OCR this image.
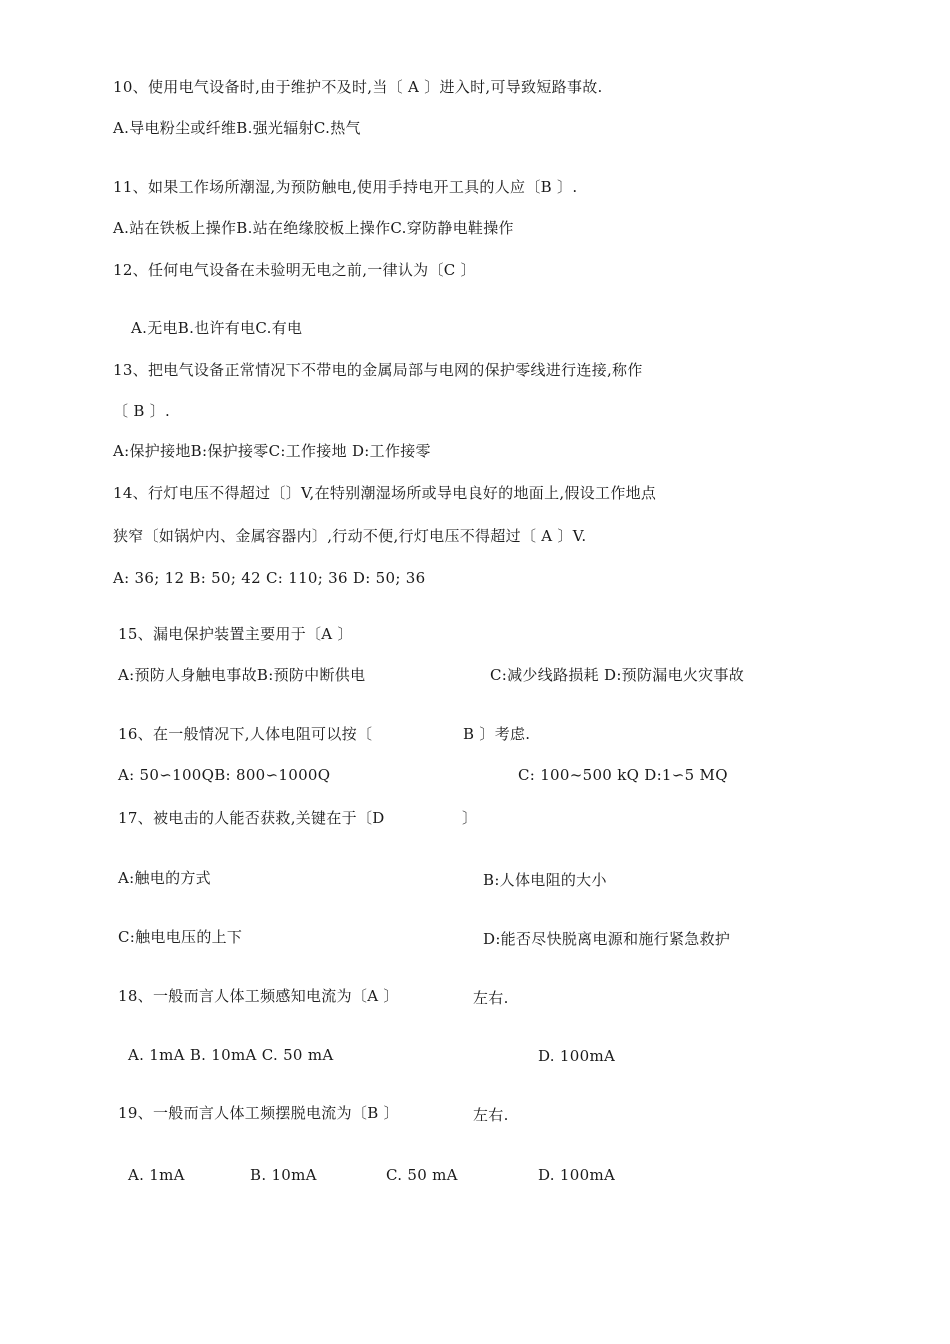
10、使用电气设备时,由于维护不及时,当〔 A 〕进入时,可导致短路事故.
A.导电粉尘或纤维B.强光辐射C.热气
11、如果工作场所潮湿,为预防触电,使用手持电开工具的人应〔B 〕.
A.站在铁板上操作B.站在绝缘胶板上操作C.穿防静电鞋操作
12、任何电气设备在未验明无电之前,一律认为〔C 〕
A.无电B.也许有电C.有电
13、把电气设备正常情况下不带电的金属局部与电网的保护零线进行连接,称作
〔 B 〕.
A:保护接地B:保护接零C:工作接地 D:工作接零
14、行灯电压不得超过〔〕V,在特别潮湿场所或导电良好的地面上,假设工作地点
狭窄〔如锅炉内、金属容器内〕,行动不便,行灯电压不得超过〔 A 〕V.
A: 36; 12 B: 50; 42 C: 110; 36 D: 50; 36
15、漏电保护装置主要用于〔A 〕
A:预防人身触电事故B:预防中断供电	C:减少线路损耗 D:预防漏电火灾事故
16、在一般情况下,人体电阻可以按〔	B 〕考虑.
A: 50∽100QB: 800∽1000Q	C: 100~500 kQ D:1∽5 MQ
17、被电击的人能否获救,关键在于〔D	〕
A:触电的方式	B:人体电阻的大小
C:触电电压的上下	D:能否尽快脱离电源和施行紧急救护
18、一般而言人体工频感知电流为〔A 〕	左右.
A. 1mA B. 10mA C. 50 mA	D. 100mA
19、一般而言人体工频摆脱电流为〔B 〕	左右.
A. 1mA	B. 10mA	C. 50 mA	D. 100mA
